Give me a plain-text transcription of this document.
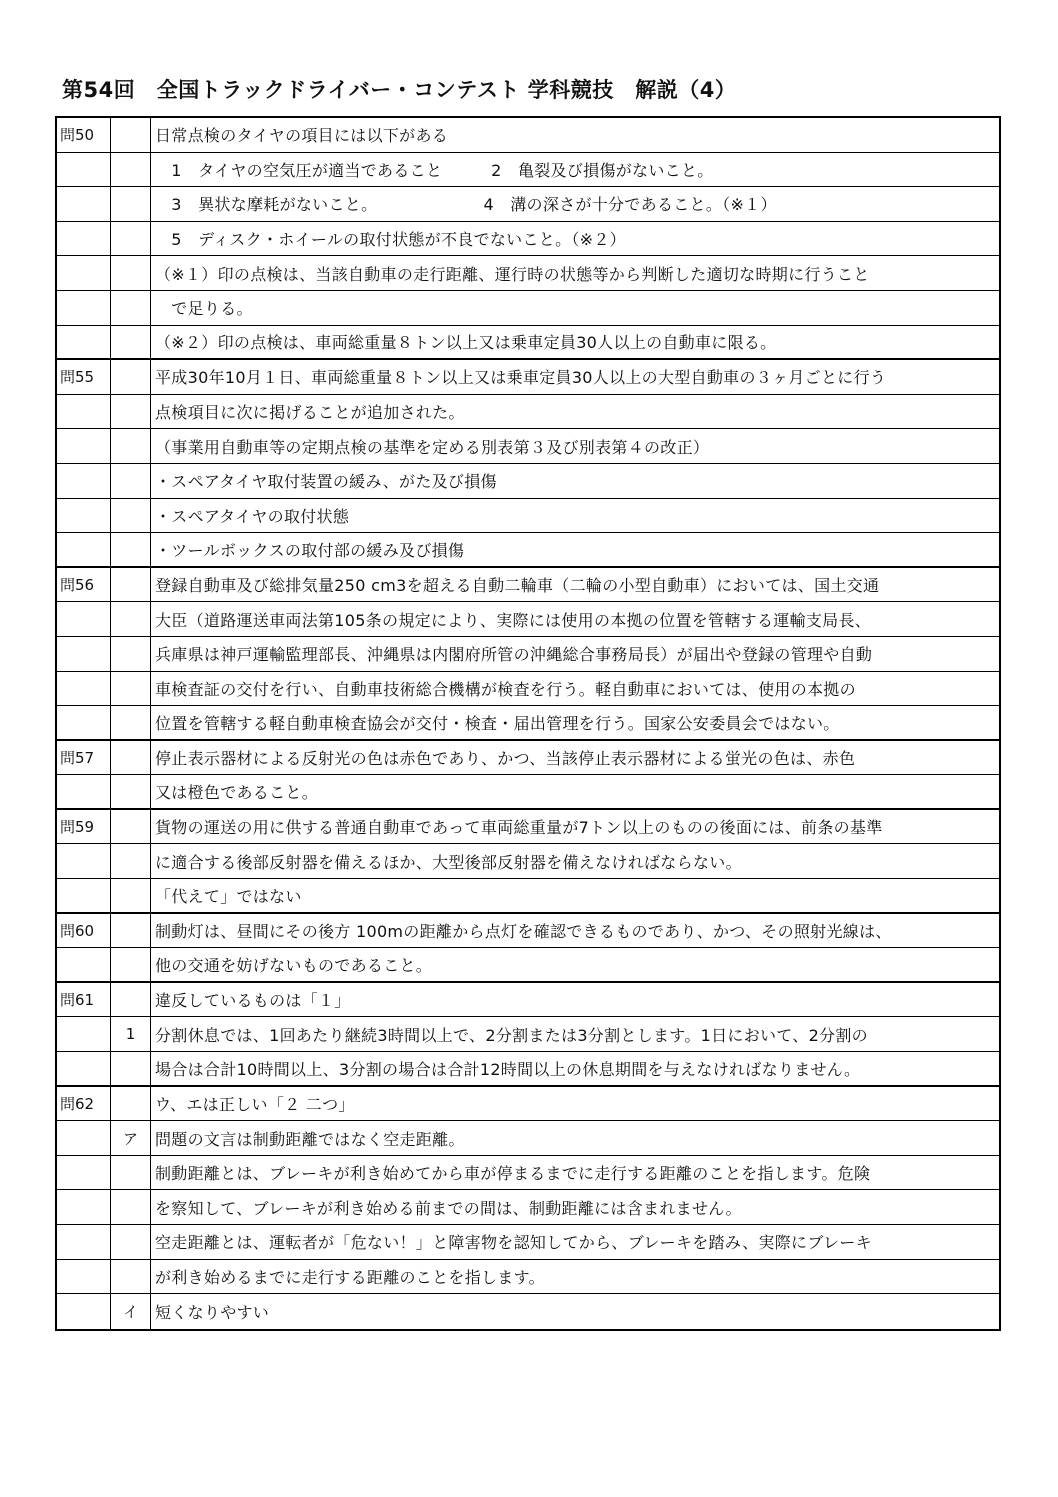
第54回　全国トラックドライバー・コンテスト 学科競技　解説（4）
問50	日常点検のタイヤの項目には以下がある
　1　タイヤの空気圧が適当であること　　　2　亀裂及び損傷がないこと。
　3　異状な摩耗がないこと。　　　　　　　4　溝の深さが十分であること。（※１）
　5　ディスク・ホイールの取付状態が不良でないこと。（※２）
（※１）印の点検は、当該自動車の走行距離、運行時の状態等から判断した適切な時期に行うこと
　で足りる。
（※２）印の点検は、車両総重量８トン以上又は乗車定員30人以上の自動車に限る。
問55	平成30年10月１日、車両総重量８トン以上又は乗車定員30人以上の大型自動車の３ヶ月ごとに行う
点検項目に次に掲げることが追加された。
（事業用自動車等の定期点検の基準を定める別表第３及び別表第４の改正）
・スペアタイヤ取付装置の緩み、がた及び損傷
・スペアタイヤの取付状態
・ツールボックスの取付部の緩み及び損傷
問56	登録自動車及び総排気量250 cm3を超える自動二輪車（二輪の小型自動車）においては、国土交通
大臣（道路運送車両法第105条の規定により、実際には使用の本拠の位置を管轄する運輸支局長、
兵庫県は神戸運輸監理部長、沖縄県は内閣府所管の沖縄総合事務局長）が届出や登録の管理や自動
車検査証の交付を行い、自動車技術総合機構が検査を行う。軽自動車においては、使用の本拠の
位置を管轄する軽自動車検査協会が交付・検査・届出管理を行う。国家公安委員会ではない。
問57	停止表示器材による反射光の色は赤色であり、かつ、当該停止表示器材による蛍光の色は、赤色
又は橙色であること。
問59	貨物の運送の用に供する普通自動車であって車両総重量が7トン以上のものの後面には、前条の基準
に適合する後部反射器を備えるほか、大型後部反射器を備えなければならない。
「代えて」ではない
問60	制動灯は、昼間にその後方 100mの距離から点灯を確認できるものであり、かつ、その照射光線は、
他の交通を妨げないものであること。
問61	違反しているものは「１」
1	分割休息では、1回あたり継続3時間以上で、2分割または3分割とします。1日において、2分割の
場合は合計10時間以上、3分割の場合は合計12時間以上の休息期間を与えなければなりません。
問62	ウ、エは正しい「２ 二つ」
ア	問題の文言は制動距離ではなく空走距離。
制動距離とは、ブレーキが利き始めてから車が停まるまでに走行する距離のことを指します。危険
を察知して、ブレーキが利き始める前までの間は、制動距離には含まれません。
空走距離とは、運転者が「危ない！」と障害物を認知してから、ブレーキを踏み、実際にブレーキ
が利き始めるまでに走行する距離のことを指します。
イ	短くなりやすい
